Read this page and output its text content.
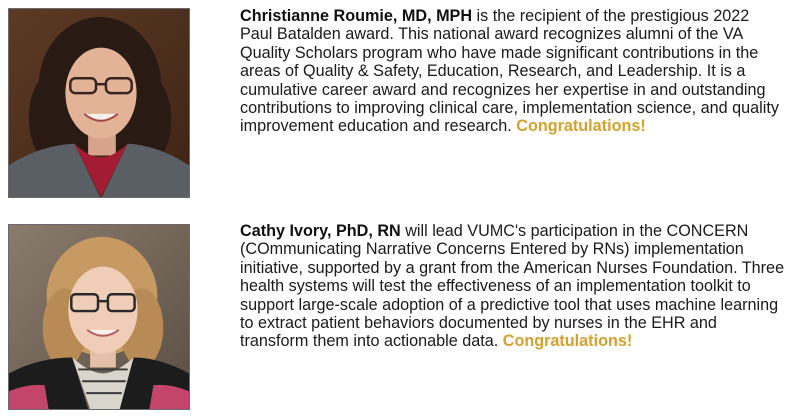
Christianne Roumie, MD, MPH is the recipient of the prestigious 2022 Paul Batalden award. This national award recognizes alumni of the VA Quality Scholars program who have made significant contributions in the areas of Quality & Safety, Education, Research, and Leadership. It is a cumulative career award and recognizes her expertise in and outstanding contributions to improving clinical care, implementation science, and quality improvement education and research. Congratulations!

Cathy Ivory, PhD, RN will lead VUMC's participation in the CONCERN (COmmunicating Narrative Concerns Entered by RNs) implementation initiative, supported by a grant from the American Nurses Foundation. Three health systems will test the effectiveness of an implementation toolkit to support large-scale adoption of a predictive tool that uses machine learning to extract patient behaviors documented by nurses in the EHR and transform them into actionable data. Congratulations!
